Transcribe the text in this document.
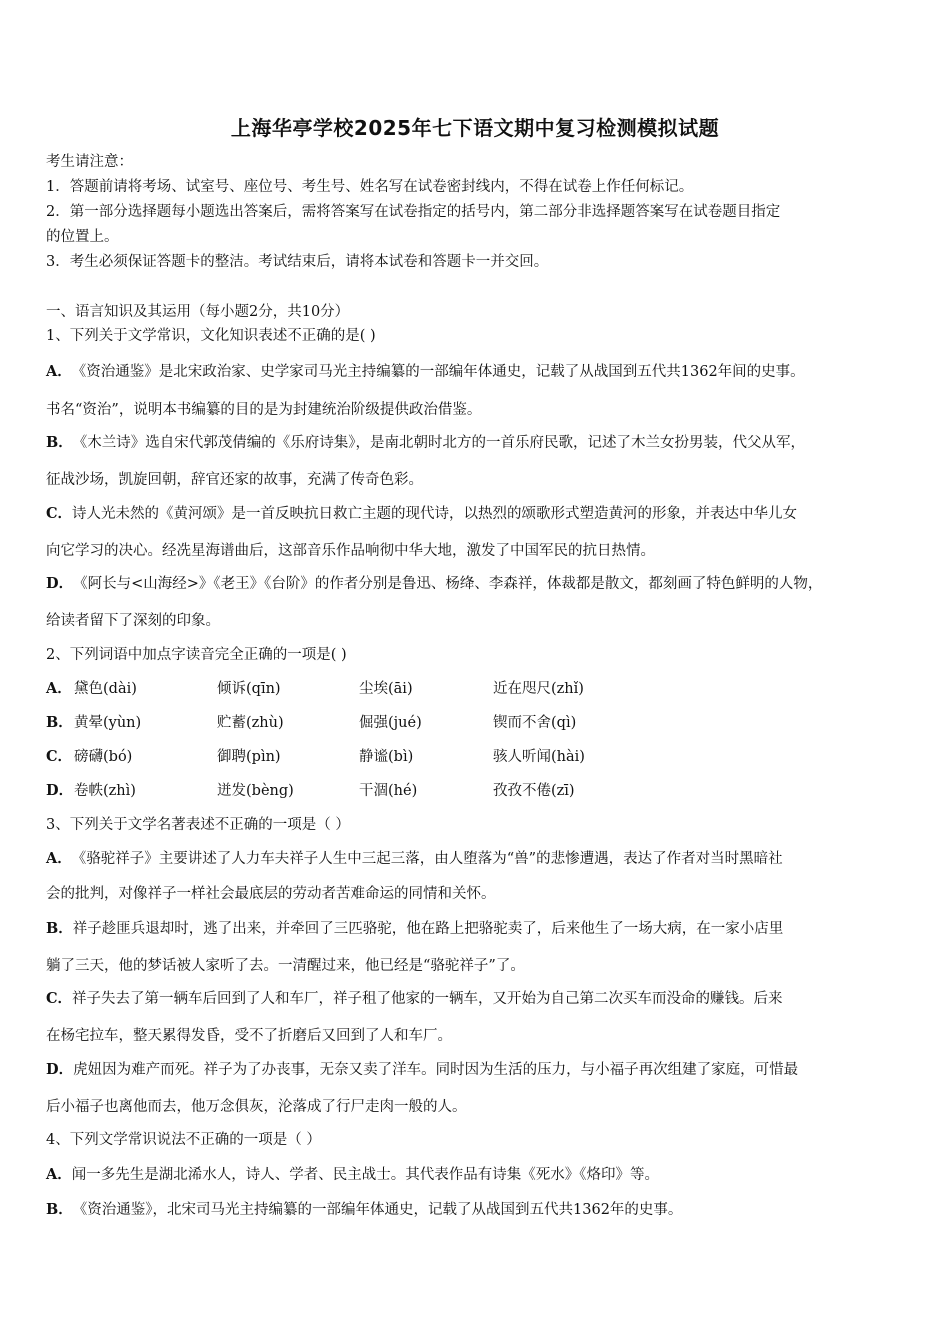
上海华亭学校2025年七下语文期中复习检测模拟试题
考生请注意：
1．答题前请将考场、试室号、座位号、考生号、姓名写在试卷密封线内，不得在试卷上作任何标记。
2．第一部分选择题每小题选出答案后，需将答案写在试卷指定的括号内，第二部分非选择题答案写在试卷题目指定
的位置上。
3．考生必须保证答题卡的整洁。考试结束后，请将本试卷和答题卡一并交回。
一、语言知识及其运用（每小题2分，共10分）
1、下列关于文学常识，文化知识表述不正确的是( )
A．《资治通鉴》是北宋政治家、史学家司马光主持编纂的一部编年体通史，记载了从战国到五代共1362年间的史事。
书名“资治”，说明本书编纂的目的是为封建统治阶级提供政治借鉴。
B．《木兰诗》选自宋代郭茂倩编的《乐府诗集》，是南北朝时北方的一首乐府民歌，记述了木兰女扮男装，代父从军，
征战沙场，凯旋回朝，辞官还家的故事，充满了传奇色彩。
C．诗人光未然的《黄河颂》是一首反映抗日救亡主题的现代诗，以热烈的颂歌形式塑造黄河的形象，并表达中华儿女
向它学习的决心。经冼星海谱曲后，这部音乐作品响彻中华大地，激发了中国军民的抗日热情。
D．《阿长与<山海经>》《老王》《台阶》的作者分别是鲁迅、杨绛、李森祥，体裁都是散文，都刻画了特色鲜明的人物，
给读者留下了深刻的印象。
2、下列词语中加点字读音完全正确的一项是( )
A． 黛色(dài)	倾诉(qīn)	尘埃(āi)	近在咫尺(zhǐ)
B． 黄晕(yùn)	贮蓄(zhù)	倔强(jué)	锲而不舍(qì)
C． 磅礴(bó)	御聘(pìn)	静谧(bì)	骇人听闻(hài)
D． 卷帙(zhì)	迸发(bèng)	干涸(hé)	孜孜不倦(zī)
3、下列关于文学名著表述不正确的一项是（ ）
A．《骆驼祥子》主要讲述了人力车夫祥子人生中三起三落，由人堕落为“兽”的悲惨遭遇，表达了作者对当时黑暗社
会的批判，对像祥子一样社会最底层的劳动者苦难命运的同情和关怀。
B．祥子趁匪兵退却时，逃了出来，并牵回了三匹骆驼，他在路上把骆驼卖了，后来他生了一场大病，在一家小店里
躺了三天，他的梦话被人家听了去。一清醒过来，他已经是“骆驼祥子”了。
C．祥子失去了第一辆车后回到了人和车厂，祥子租了他家的一辆车，又开始为自己第二次买车而没命的赚钱。后来
在杨宅拉车，整天累得发昏，受不了折磨后又回到了人和车厂。
D．虎妞因为难产而死。祥子为了办丧事，无奈又卖了洋车。同时因为生活的压力，与小福子再次组建了家庭，可惜最
后小福子也离他而去，他万念俱灰，沦落成了行尸走肉一般的人。
4、下列文学常识说法不正确的一项是（ ）
A．闻一多先生是湖北浠水人，诗人、学者、民主战士。其代表作品有诗集《死水》《烙印》等。
B．《资治通鉴》，北宋司马光主持编纂的一部编年体通史，记载了从战国到五代共1362年的史事。
